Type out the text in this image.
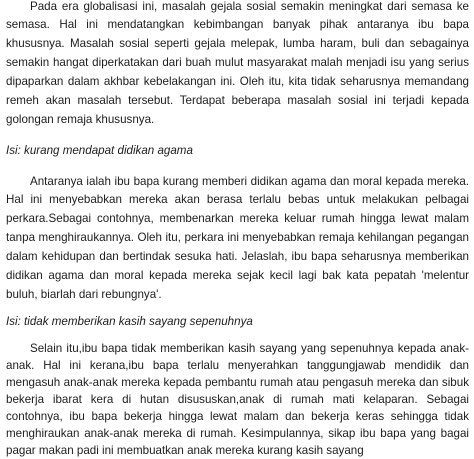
Pada era globalisasi ini, masalah gejala sosial semakin meningkat dari semasa ke
semasa. Hal ini mendatangkan kebimbangan banyak pihak antaranya ibu bapa
khususnya. Masalah sosial seperti gejala melepak, lumba haram, buli dan sebagainya
semakin hangat diperkatakan dari buah mulut masyarakat malah menjadi isu yang serius
dipaparkan dalam akhbar kebelakangan ini. Oleh itu, kita tidak seharusnya memandang
remeh akan masalah tersebut. Terdapat beberapa masalah sosial ini terjadi kepada
golongan remaja khususnya.
Isi: kurang mendapat didikan agama
Antaranya ialah ibu bapa kurang memberi didikan agama dan moral kepada mereka.
Hal ini menyebabkan mereka akan berasa terlalu bebas untuk melakukan pelbagai
perkara.Sebagai contohnya, membenarkan mereka keluar rumah hingga lewat malam
tanpa menghiraukannya. Oleh itu, perkara ini menyebabkan remaja kehilangan pegangan
dalam kehidupan dan bertindak sesuka hati. Jelaslah, ibu bapa seharusnya memberikan
didikan agama dan moral kepada mereka sejak kecil lagi bak kata pepatah 'melentur
buluh, biarlah dari rebungnya'.
Isi: tidak memberikan kasih sayang sepenuhnya
Selain itu,ibu bapa tidak memberikan kasih sayang yang sepenuhnya kepada anak-
anak. Hal ini kerana,ibu bapa terlalu menyerahkan tanggungjawab mendidik dan
mengasuh anak-anak mereka kepada pembantu rumah atau pengasuh mereka dan sibuk
bekerja ibarat kera di hutan disususkan,anak di rumah mati kelaparan. Sebagai
contohnya, ibu bapa bekerja hingga lewat malam dan bekerja keras sehingga tidak
menghiraukan anak-anak mereka di rumah. Kesimpulannya, sikap ibu bapa yang bagai
pagar makan padi ini membuatkan anak mereka kurang kasih sayang
